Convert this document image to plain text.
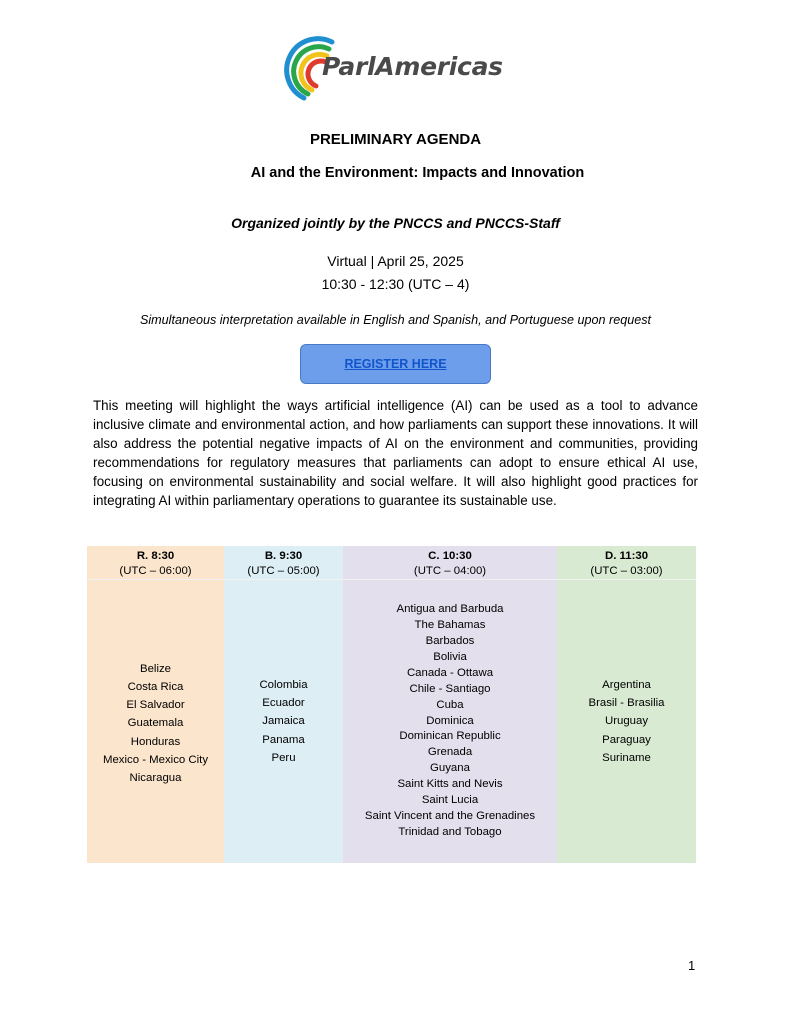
ParlAmericas
PRELIMINARY AGENDA
AI and the Environment: Impacts and Innovation
Organized jointly by the PNCCS and PNCCS-Staff
Virtual | April 25, 2025
10:30 - 12:30 (UTC – 4)
Simultaneous interpretation available in English and Spanish, and Portuguese upon request
REGISTER HERE

This meeting will highlight the ways artificial intelligence (AI) can be used as a tool to advance inclusive climate and environmental action, and how parliaments can support these innovations. It will also address the potential negative impacts of AI on the environment and communities, providing recommendations for regulatory measures that parliaments can adopt to ensure ethical AI use, focusing on environmental sustainability and social welfare. It will also highlight good practices for integrating AI within parliamentary operations to guarantee its sustainable use.

R. 8:30
(UTC – 06:00)
Belize
Costa Rica
El Salvador
Guatemala
Honduras
Mexico - Mexico City
Nicaragua
B. 9:30
(UTC – 05:00)
Colombia
Ecuador
Jamaica
Panama
Peru
C. 10:30
(UTC – 04:00)
Antigua and Barbuda
The Bahamas
Barbados
Bolivia
Canada - Ottawa
Chile - Santiago
Cuba
Dominica
Dominican Republic
Grenada
Guyana
Saint Kitts and Nevis
Saint Lucia
Saint Vincent and the Grenadines
Trinidad and Tobago
D. 11:30
(UTC – 03:00)
Argentina
Brasil - Brasilia
Uruguay
Paraguay
Suriname
1
